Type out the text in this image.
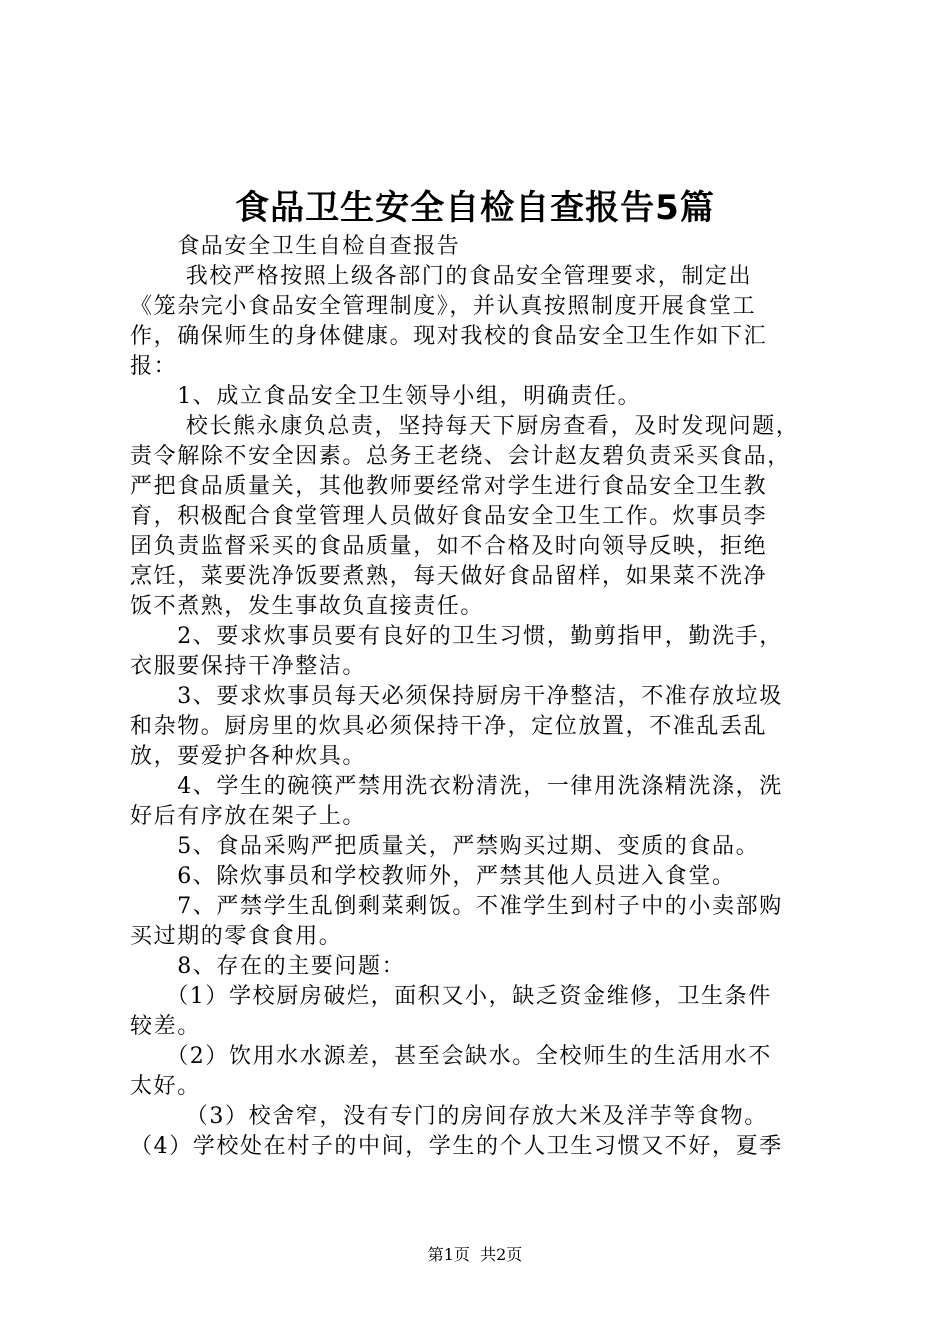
食品卫生安全自检自查报告5篇
　　食品安全卫生自检自查报告
　　 我校严格按照上级各部门的食品安全管理要求，制定出
《笼杂完小食品安全管理制度》，并认真按照制度开展食堂工
作，确保师生的身体健康。现对我校的食品安全卫生作如下汇
报：
　　1、成立食品安全卫生领导小组，明确责任。
　　 校长熊永康负总责，坚持每天下厨房查看，及时发现问题，
责令解除不安全因素。总务王老绕、会计赵友碧负责采买食品，
严把食品质量关，其他教师要经常对学生进行食品安全卫生教
育，积极配合食堂管理人员做好食品安全卫生工作。炊事员李
囝负责监督采买的食品质量，如不合格及时向领导反映，拒绝
烹饪，菜要洗净饭要煮熟，每天做好食品留样，如果菜不洗净
饭不煮熟，发生事故负直接责任。
　　2、要求炊事员要有良好的卫生习惯，勤剪指甲，勤洗手，
衣服要保持干净整洁。
　　3、要求炊事员每天必须保持厨房干净整洁，不准存放垃圾
和杂物。厨房里的炊具必须保持干净，定位放置，不准乱丢乱
放，要爱护各种炊具。
　　4、学生的碗筷严禁用洗衣粉清洗，一律用洗涤精洗涤，洗
好后有序放在架子上。
　　5、食品采购严把质量关，严禁购买过期、变质的食品。
　　6、除炊事员和学校教师外，严禁其他人员进入食堂。
　　7、严禁学生乱倒剩菜剩饭。不准学生到村子中的小卖部购
买过期的零食食用。
　　8、存在的主要问题：
　　（1）学校厨房破烂，面积又小，缺乏资金维修，卫生条件
较差。
　　（2）饮用水水源差，甚至会缺水。全校师生的生活用水不
太好。
　　 （3）校舍窄，没有专门的房间存放大米及洋芋等食物。
（4）学校处在村子的中间，学生的个人卫生习惯又不好，夏季
第1页  共2页
